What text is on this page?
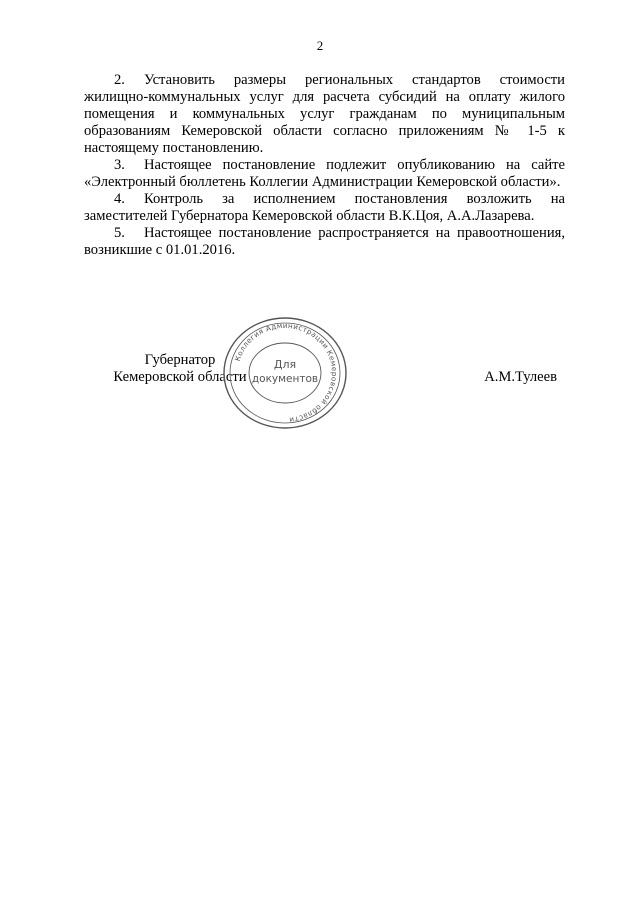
2

2. Установить размеры региональных стандартов стоимости жилищно-коммунальных услуг для расчета субсидий на оплату жилого помещения и коммунальных услуг гражданам по муниципальным образованиям Кемеровской области согласно приложениям № 1-5 к настоящему постановлению.

3. Настоящее постановление подлежит опубликованию на сайте «Электронный бюллетень Коллегии Администрации Кемеровской области».

4. Контроль за исполнением постановления возложить на заместителей Губернатора Кемеровской области В.К.Цоя, А.А.Лазарева.

5. Настоящее постановление распространяется на правоотношения, возникшие с 01.01.2016.

Губернатор
Кемеровской области	А.М.Тулеев
Коллегия Администрации Кемеровской области
Для
документов
